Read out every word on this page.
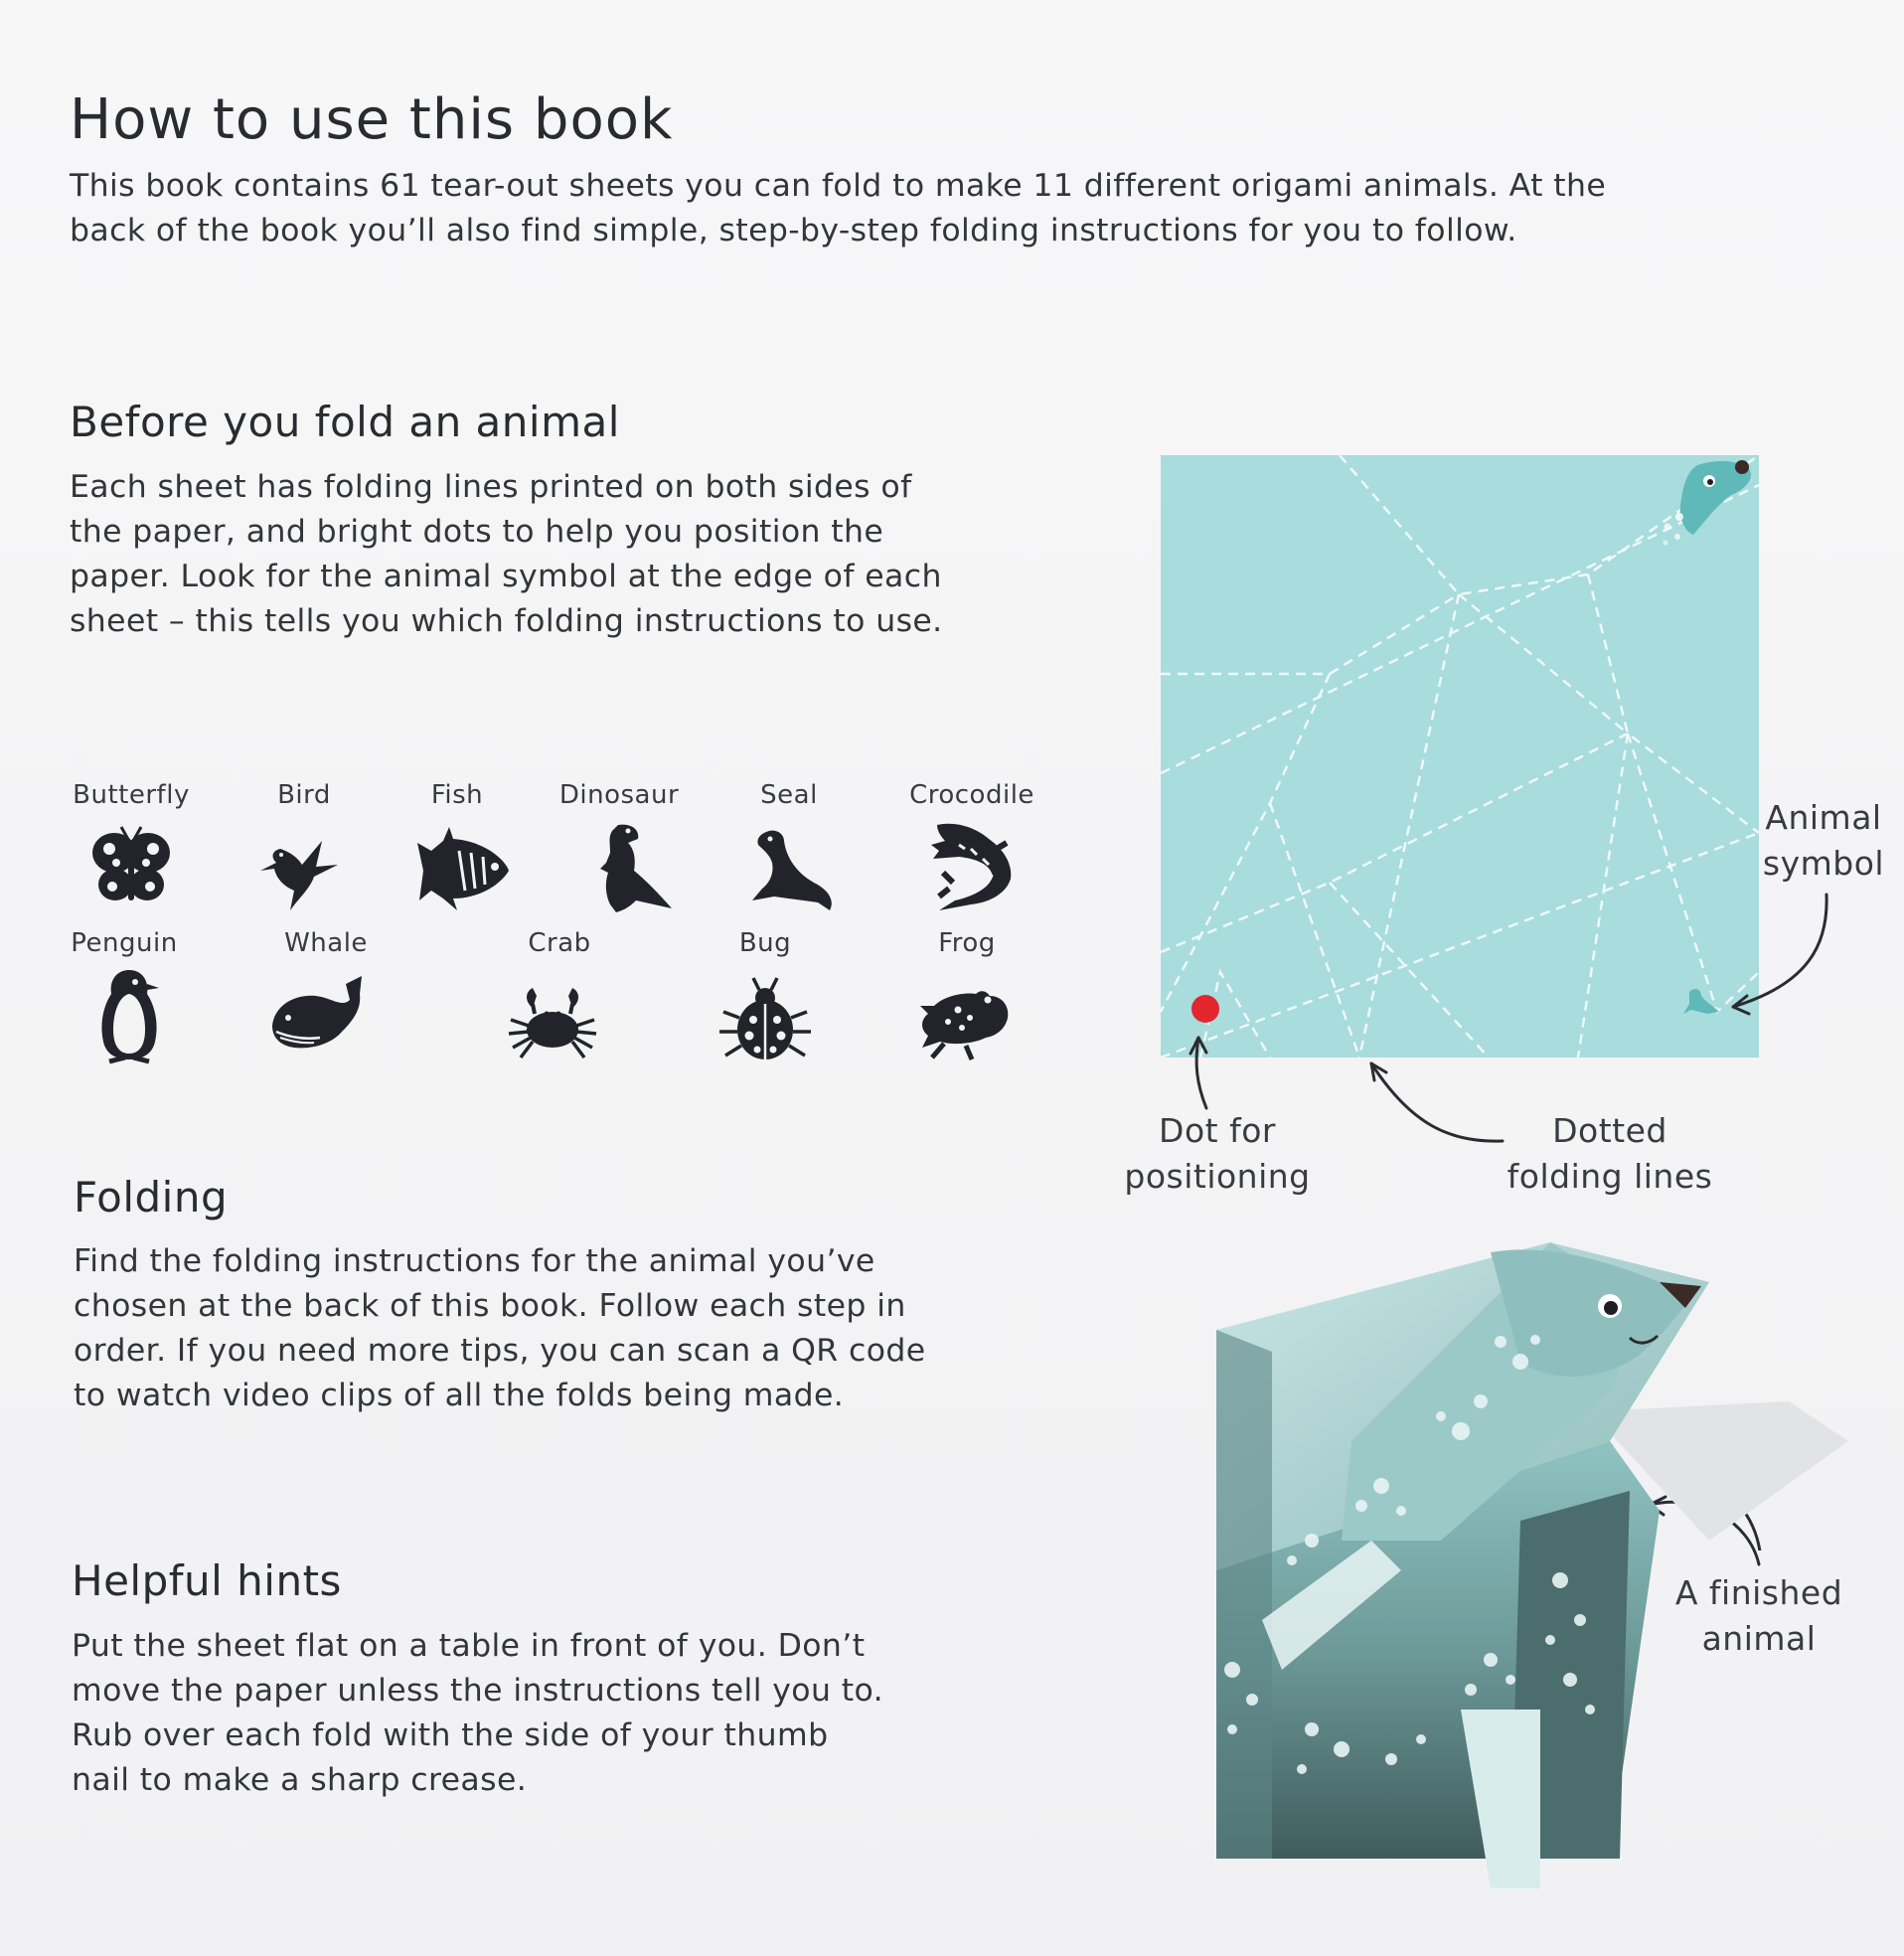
How to use this book

This book contains 61 tear-out sheets you can fold to make 11 different origami animals. At the

back of the book you’ll also find simple, step-by-step folding instructions for you to follow.

Before you fold an animal

Each sheet has folding lines printed on both sides of

the paper, and bright dots to help you position the

paper. Look for the animal symbol at the edge of each

sheet – this tells you which folding instructions to use.

Butterfly	Bird	Fish	Dinosaur	Seal	Crocodile
Penguin	Whale	Crab	Bug	Frog
Folding

Find the folding instructions for the animal you’ve

chosen at the back of this book. Follow each step in

order. If you need more tips, you can scan a QR code

to watch video clips of all the folds being made.

Helpful hints

Put the sheet flat on a table in front of you. Don’t

move the paper unless the instructions tell you to.

Rub over each fold with the side of your thumb

nail to make a sharp crease.

Animal
symbol
Dot for
positioning
Dotted
folding lines
A finished
animal
